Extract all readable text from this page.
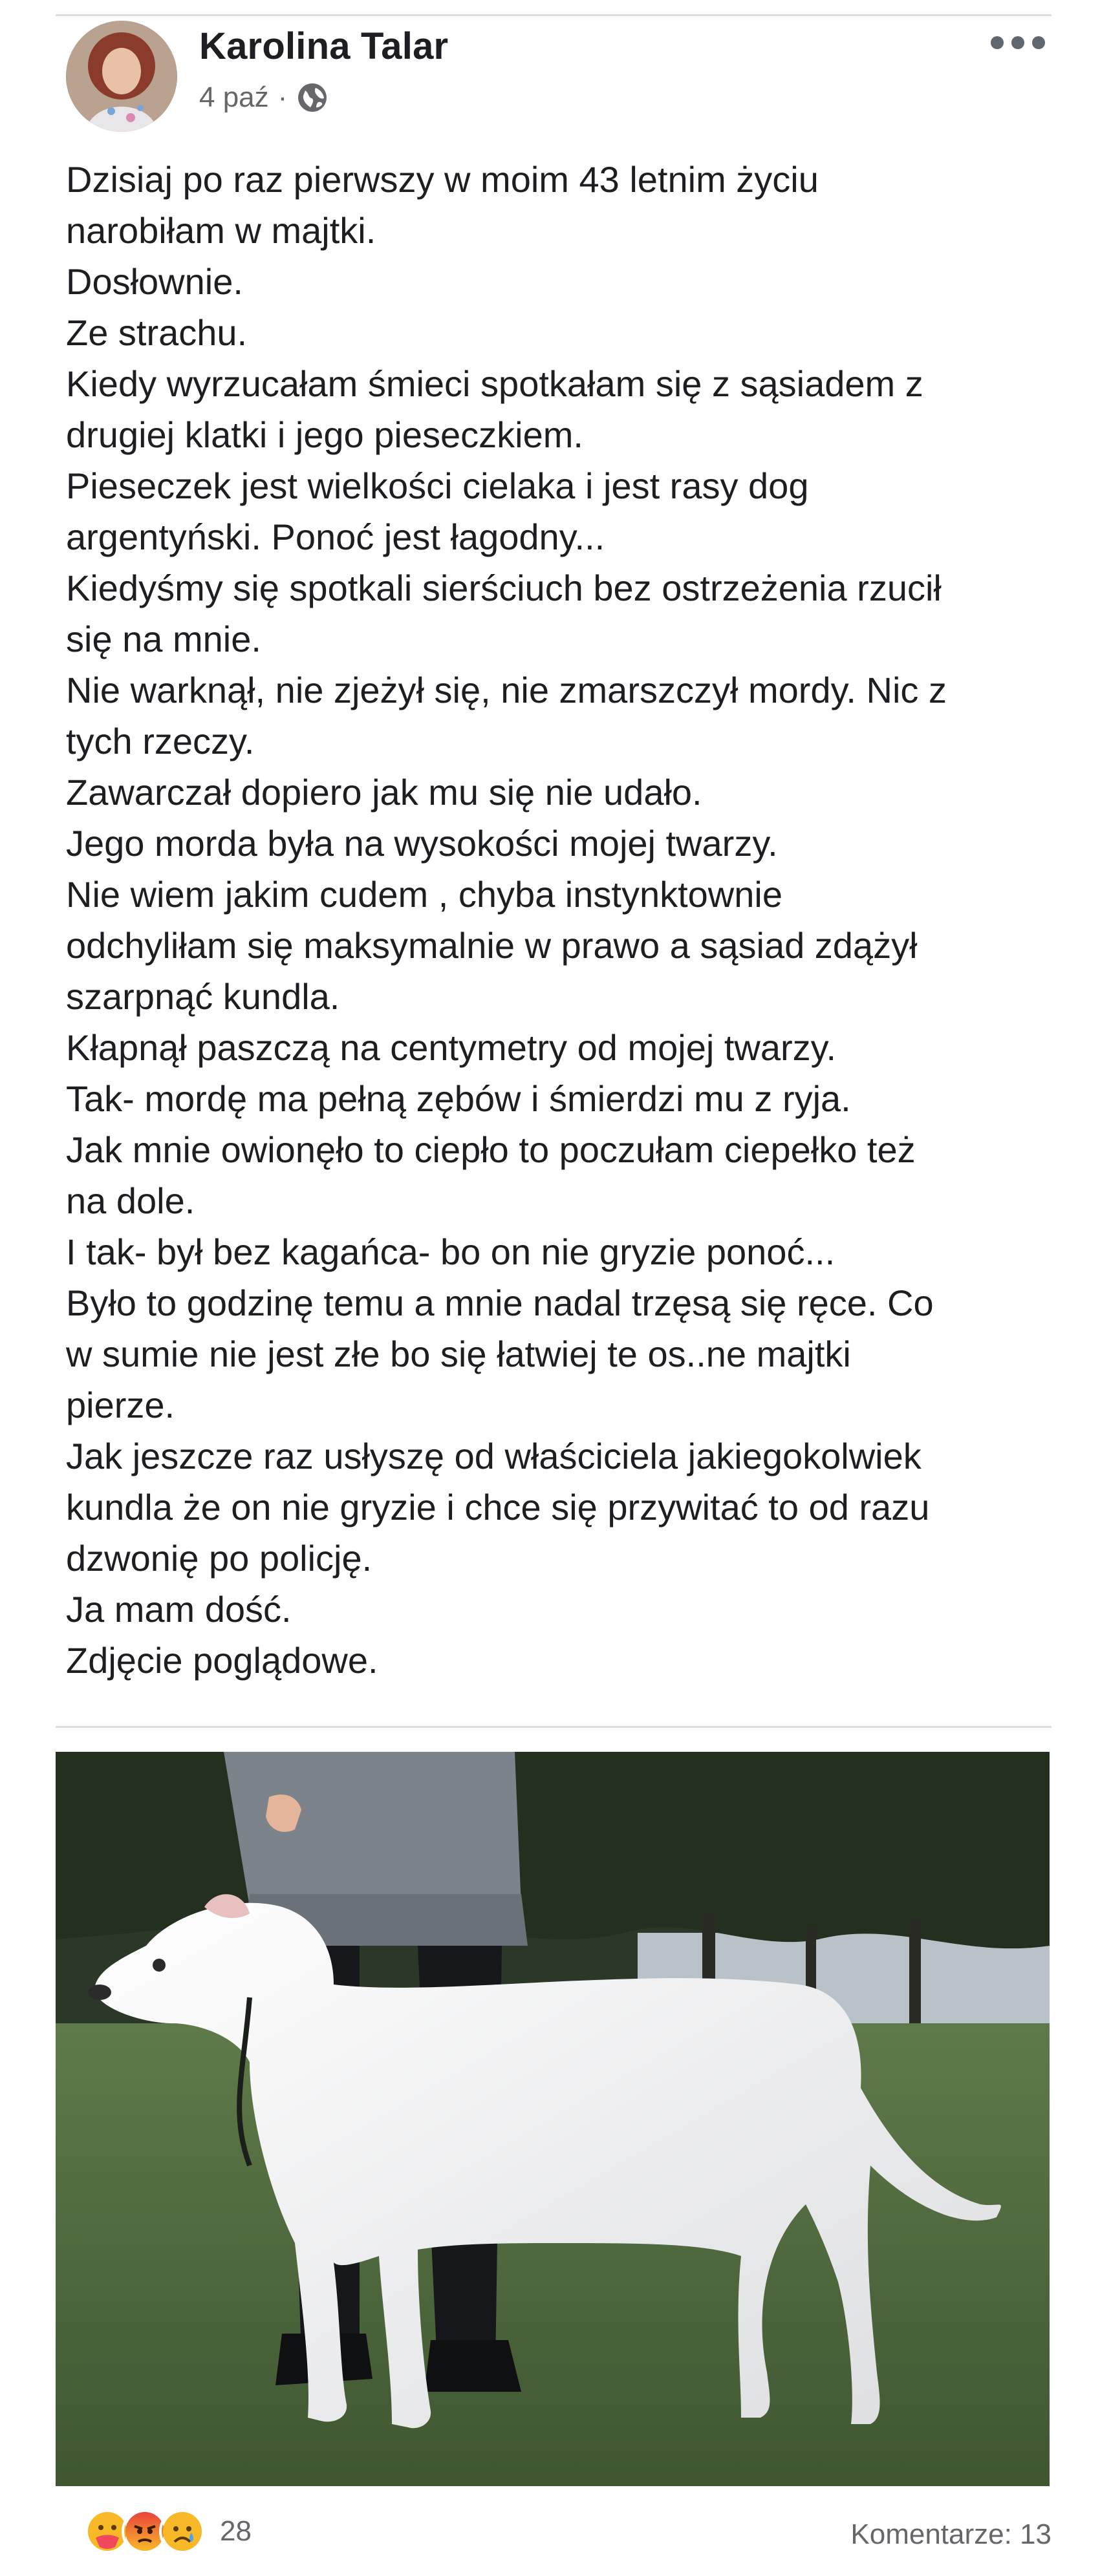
Karolina Talar
4 paź ·
Dzisiaj po raz pierwszy w moim 43 letnim życiu
narobiłam w majtki.
Dosłownie.
Ze strachu.
Kiedy wyrzucałam śmieci spotkałam się z sąsiadem z
drugiej klatki i jego pieseczkiem.
Pieseczek jest wielkości cielaka i jest rasy dog
argentyński. Ponoć jest łagodny...
Kiedyśmy się spotkali sierściuch bez ostrzeżenia rzucił
się na mnie.
Nie warknął, nie zjeżył się, nie zmarszczył mordy. Nic z
tych rzeczy.
Zawarczał dopiero jak mu się nie udało.
Jego morda była na wysokości mojej twarzy.
Nie wiem jakim cudem , chyba instynktownie
odchyliłam się maksymalnie w prawo a sąsiad zdążył
szarpnąć kundla.
Kłapnął paszczą na centymetry od mojej twarzy.
Tak- mordę ma pełną zębów i śmierdzi mu z ryja.
Jak mnie owionęło to ciepło to poczułam ciepełko też
na dole.
I tak- był bez kagańca- bo on nie gryzie ponoć...
Było to godzinę temu a mnie nadal trzęsą się ręce. Co
w sumie nie jest złe bo się łatwiej te os..ne majtki
pierze.
Jak jeszcze raz usłyszę od właściciela jakiegokolwiek
kundla że on nie gryzie i chce się przywitać to od razu
dzwonię po policję.
Ja mam dość.
Zdjęcie poglądowe.
28	Komentarze: 13
